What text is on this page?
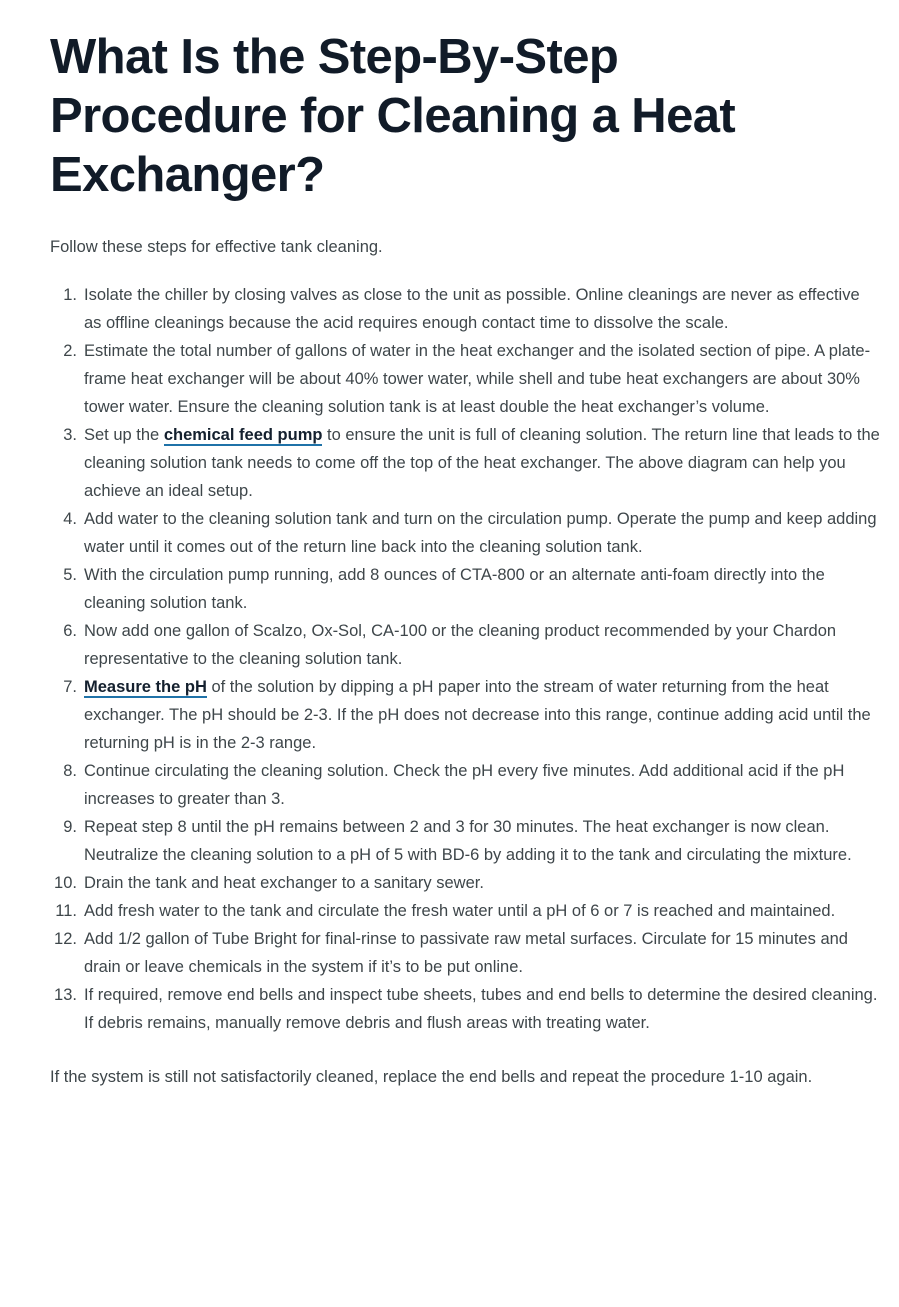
What Is the Step-By-Step Procedure for Cleaning a Heat Exchanger?

Follow these steps for effective tank cleaning.

Isolate the chiller by closing valves as close to the unit as possible. Online cleanings are never as effective as offline cleanings because the acid requires enough contact time to dissolve the scale.
Estimate the total number of gallons of water in the heat exchanger and the isolated section of pipe. A plate-frame heat exchanger will be about 40% tower water, while shell and tube heat exchangers are about 30% tower water. Ensure the cleaning solution tank is at least double the heat exchanger’s volume.
Set up the chemical feed pump to ensure the unit is full of cleaning solution. The return line that leads to the cleaning solution tank needs to come off the top of the heat exchanger. The above diagram can help you achieve an ideal setup.
Add water to the cleaning solution tank and turn on the circulation pump. Operate the pump and keep adding water until it comes out of the return line back into the cleaning solution tank.
With the circulation pump running, add 8 ounces of CTA-800 or an alternate anti-foam directly into the cleaning solution tank.
Now add one gallon of Scalzo, Ox-Sol, CA-100 or the cleaning product recommended by your Chardon representative to the cleaning solution tank.
Measure the pH of the solution by dipping a pH paper into the stream of water returning from the heat exchanger. The pH should be 2-3. If the pH does not decrease into this range, continue adding acid until the returning pH is in the 2-3 range.
Continue circulating the cleaning solution. Check the pH every five minutes. Add additional acid if the pH increases to greater than 3.
Repeat step 8 until the pH remains between 2 and 3 for 30 minutes. The heat exchanger is now clean. Neutralize the cleaning solution to a pH of 5 with BD-6 by adding it to the tank and circulating the mixture.
Drain the tank and heat exchanger to a sanitary sewer.
Add fresh water to the tank and circulate the fresh water until a pH of 6 or 7 is reached and maintained.
Add 1/2 gallon of Tube Bright for final-rinse to passivate raw metal surfaces. Circulate for 15 minutes and drain or leave chemicals in the system if it’s to be put online.
If required, remove end bells and inspect tube sheets, tubes and end bells to determine the desired cleaning. If debris remains, manually remove debris and flush areas with treating water.

If the system is still not satisfactorily cleaned, replace the end bells and repeat the procedure 1-10 again.
